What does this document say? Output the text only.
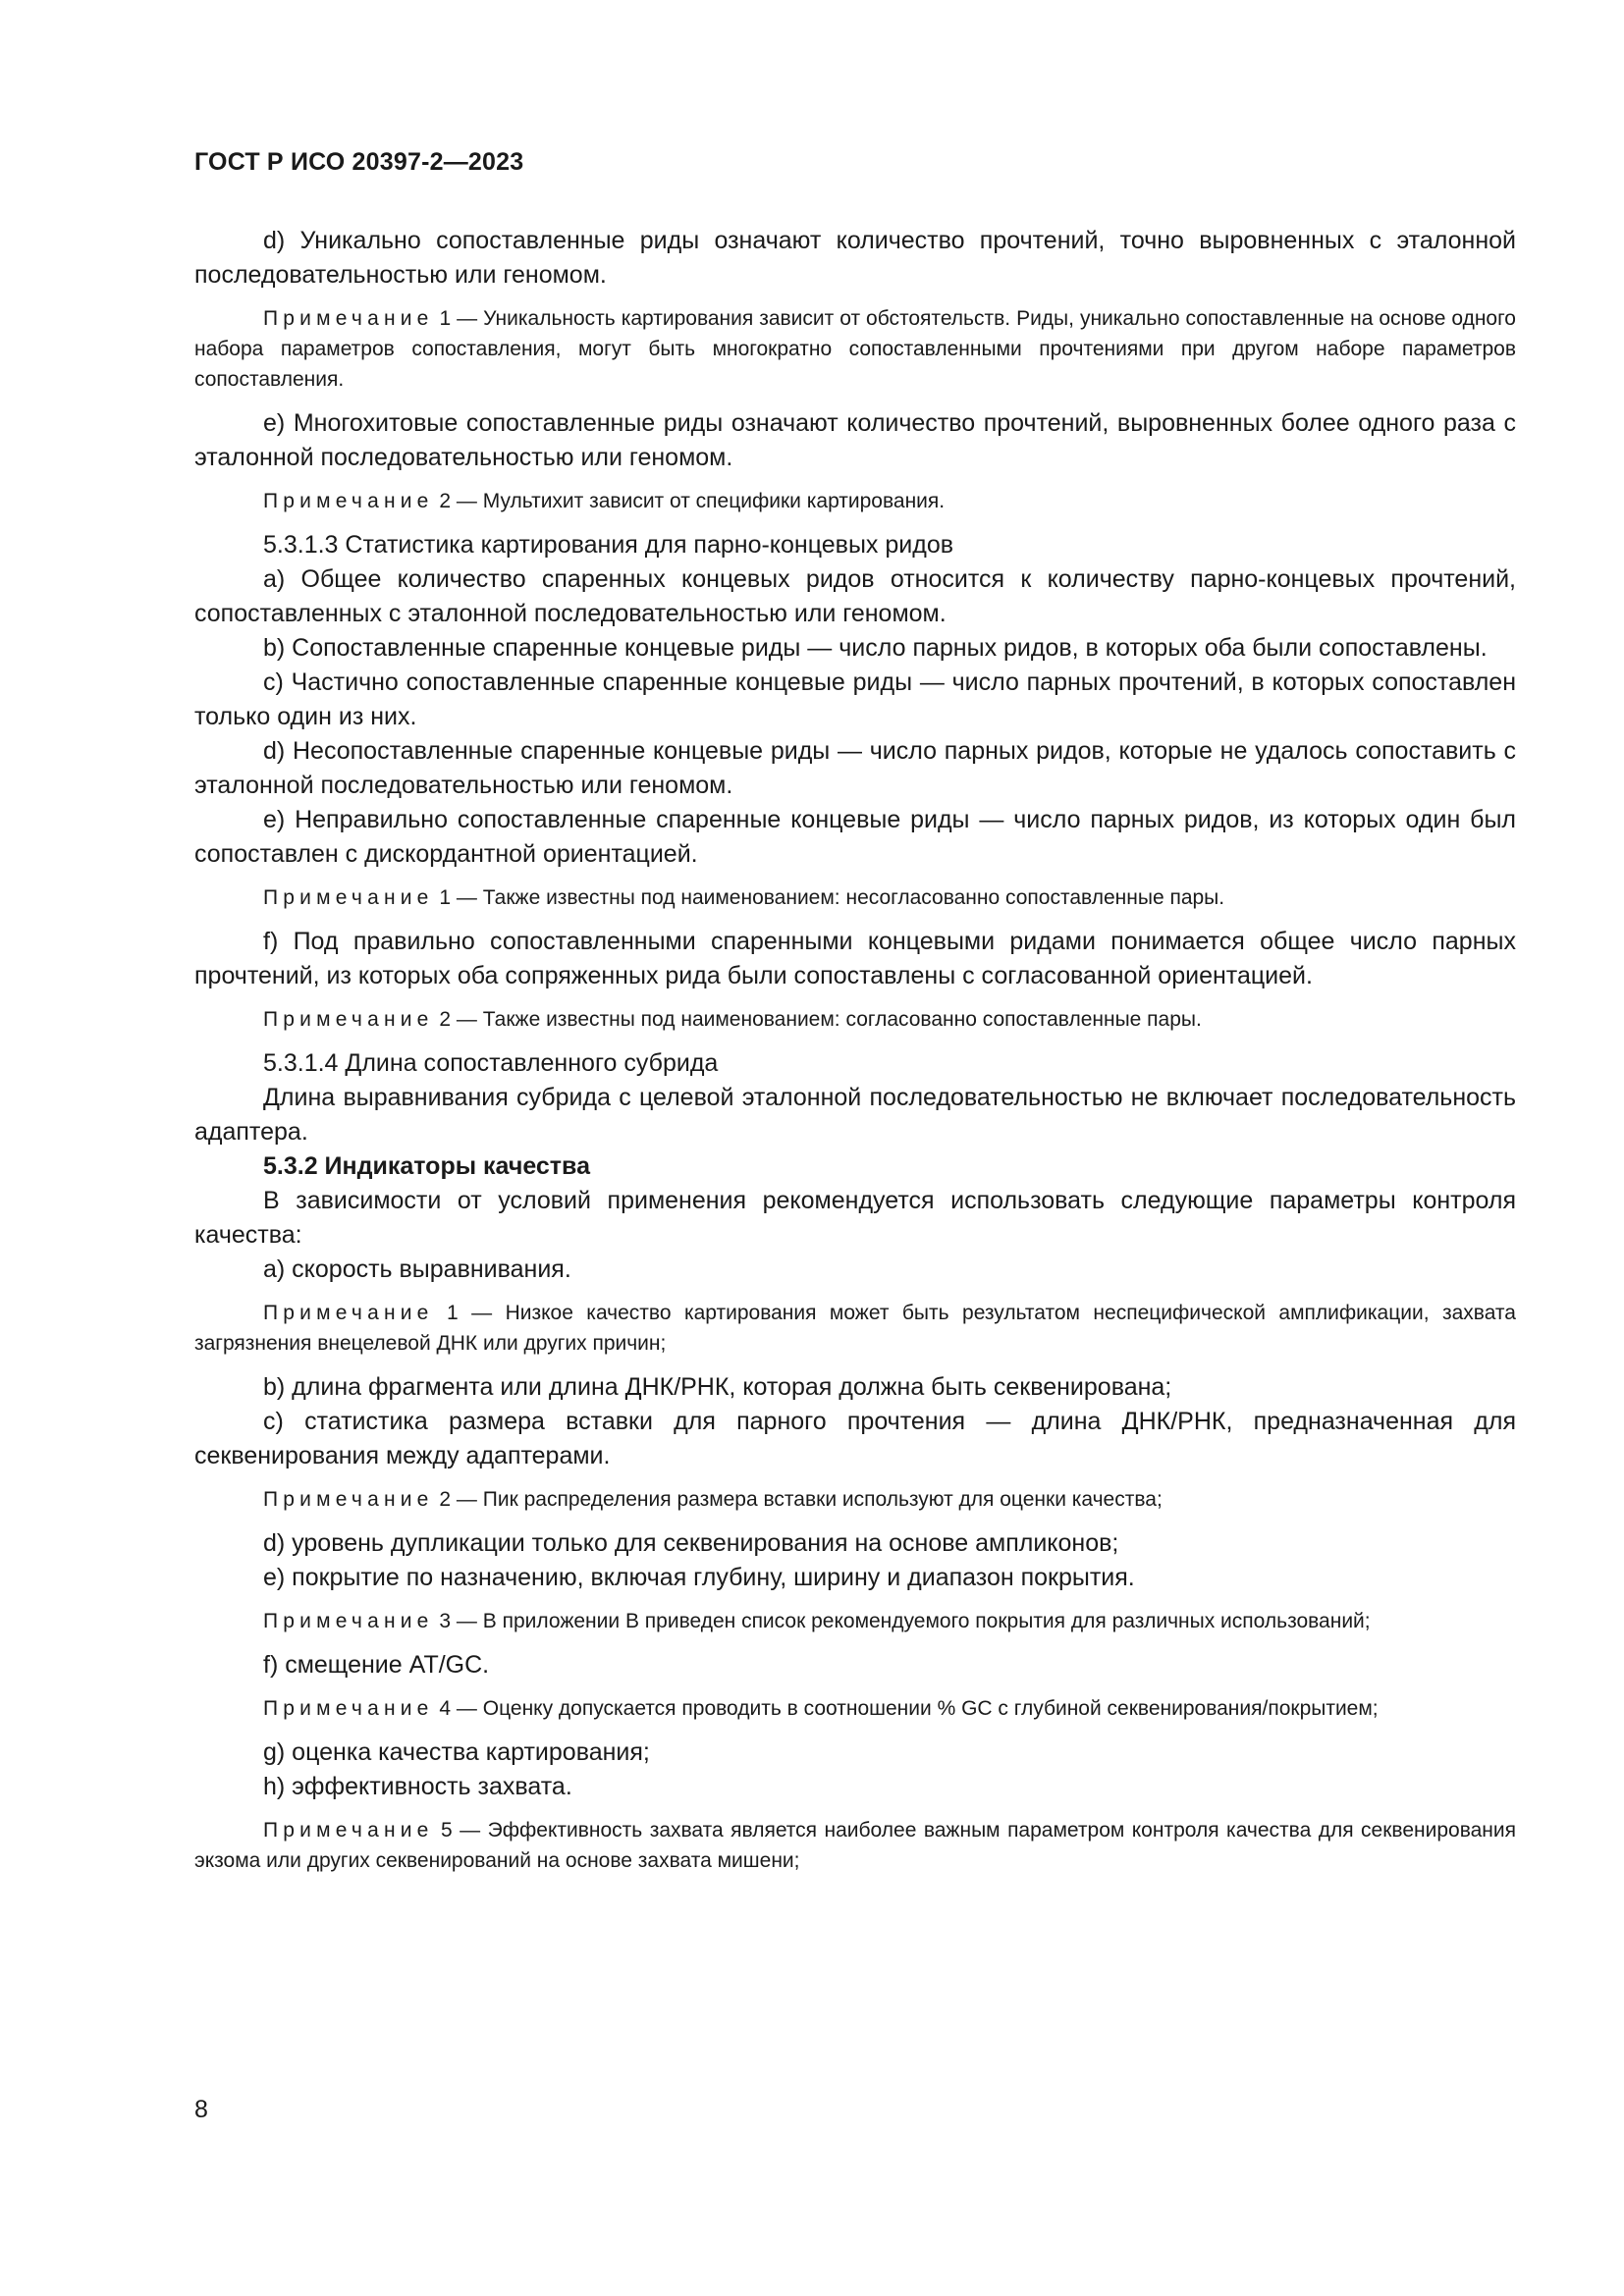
ГОСТ Р ИСО 20397-2—2023
d) Уникально сопоставленные риды означают количество прочтений, точно выровненных с эталонной последовательностью или геномом.
Примечание 1 — Уникальность картирования зависит от обстоятельств. Риды, уникально сопоставленные на основе одного набора параметров сопоставления, могут быть многократно сопоставленными прочтениями при другом наборе параметров сопоставления.
e) Многохитовые сопоставленные риды означают количество прочтений, выровненных более одного раза с эталонной последовательностью или геномом.
Примечание 2 — Мультихит зависит от специфики картирования.
5.3.1.3 Статистика картирования для парно-концевых ридов
a) Общее количество спаренных концевых ридов относится к количеству парно-концевых прочтений, сопоставленных с эталонной последовательностью или геномом.
b) Сопоставленные спаренные концевые риды — число парных ридов, в которых оба были сопоставлены.
c) Частично сопоставленные спаренные концевые риды — число парных прочтений, в которых сопоставлен только один из них.
d) Несопоставленные спаренные концевые риды — число парных ридов, которые не удалось сопоставить с эталонной последовательностью или геномом.
e) Неправильно сопоставленные спаренные концевые риды — число парных ридов, из которых один был сопоставлен с дискордантной ориентацией.
Примечание 1 — Также известны под наименованием: несогласованно сопоставленные пары.
f) Под правильно сопоставленными спаренными концевыми ридами понимается общее число парных прочтений, из которых оба сопряженных рида были сопоставлены с согласованной ориентацией.
Примечание 2 — Также известны под наименованием: согласованно сопоставленные пары.
5.3.1.4 Длина сопоставленного субрида
Длина выравнивания субрида с целевой эталонной последовательностью не включает последовательность адаптера.
5.3.2 Индикаторы качества
В зависимости от условий применения рекомендуется использовать следующие параметры контроля качества:
a) скорость выравнивания.
Примечание 1 — Низкое качество картирования может быть результатом неспецифической амплификации, захвата загрязнения внецелевой ДНК или других причин;
b) длина фрагмента или длина ДНК/РНК, которая должна быть секвенирована;
c) статистика размера вставки для парного прочтения — длина ДНК/РНК, предназначенная для секвенирования между адаптерами.
Примечание 2 — Пик распределения размера вставки используют для оценки качества;
d) уровень дупликации только для секвенирования на основе ампликонов;
e) покрытие по назначению, включая глубину, ширину и диапазон покрытия.
Примечание 3 — В приложении В приведен список рекомендуемого покрытия для различных использований;
f) смещение AT/GC.
Примечание 4 — Оценку допускается проводить в соотношении % GC с глубиной секвенирования/покрытием;
g) оценка качества картирования;
h) эффективность захвата.
Примечание 5 — Эффективность захвата является наиболее важным параметром контроля качества для секвенирования экзома или других секвенирований на основе захвата мишени;
8
